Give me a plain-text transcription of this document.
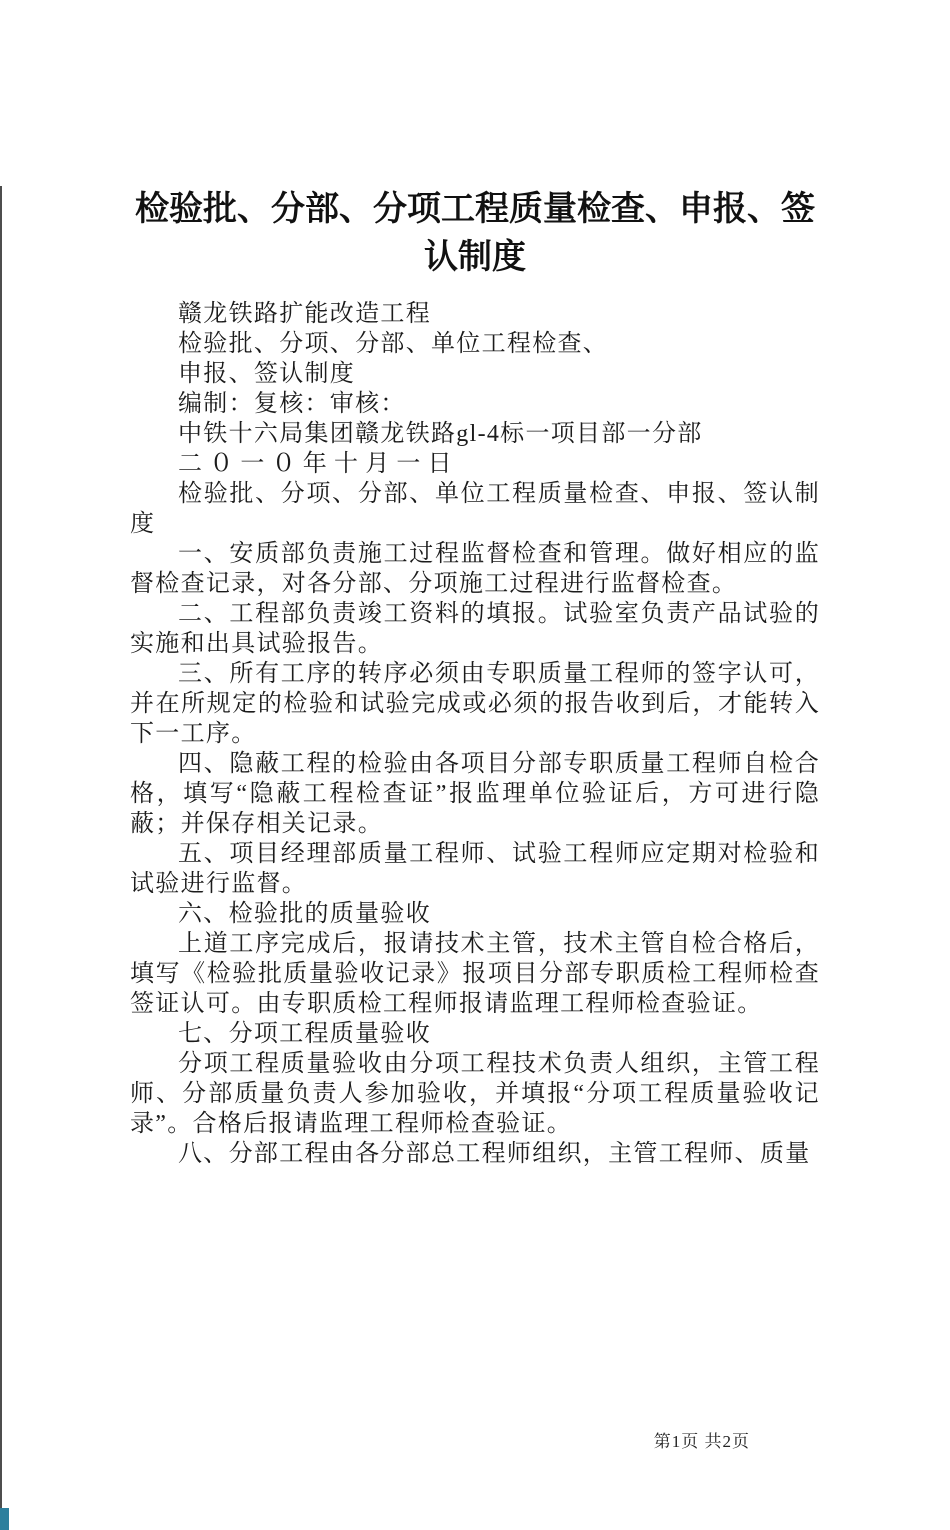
检验批、分部、分项工程质量检查、申报、签
认制度

赣龙铁路扩能改造工程

检验批、分项、分部、单位工程检查、

申报、签认制度

编制：复核：审核：

中铁十六局集团赣龙铁路gl-4标一项目部一分部

二０一０年十月一日

检验批、分项、分部、单位工程质量检查、申报、签认制度

一、安质部负责施工过程监督检查和管理。做好相应的监督检查记录，对各分部、分项施工过程进行监督检查。

二、工程部负责竣工资料的填报。试验室负责产品试验的实施和出具试验报告。

三、所有工序的转序必须由专职质量工程师的签字认可，并在所规定的检验和试验完成或必须的报告收到后，才能转入下一工序。

四、隐蔽工程的检验由各项目分部专职质量工程师自检合格，填写“隐蔽工程检查证”报监理单位验证后，方可进行隐蔽；并保存相关记录。

五、项目经理部质量工程师、试验工程师应定期对检验和试验进行监督。

六、检验批的质量验收

上道工序完成后，报请技术主管，技术主管自检合格后，填写《检验批质量验收记录》报项目分部专职质检工程师检查签证认可。由专职质检工程师报请监理工程师检查验证。

七、分项工程质量验收

分项工程质量验收由分项工程技术负责人组织，主管工程师、分部质量负责人参加验收，并填报“分项工程质量验收记录”。合格后报请监理工程师检查验证。

八、分部工程由各分部总工程师组织，主管工程师、质量

第1页 共2页
